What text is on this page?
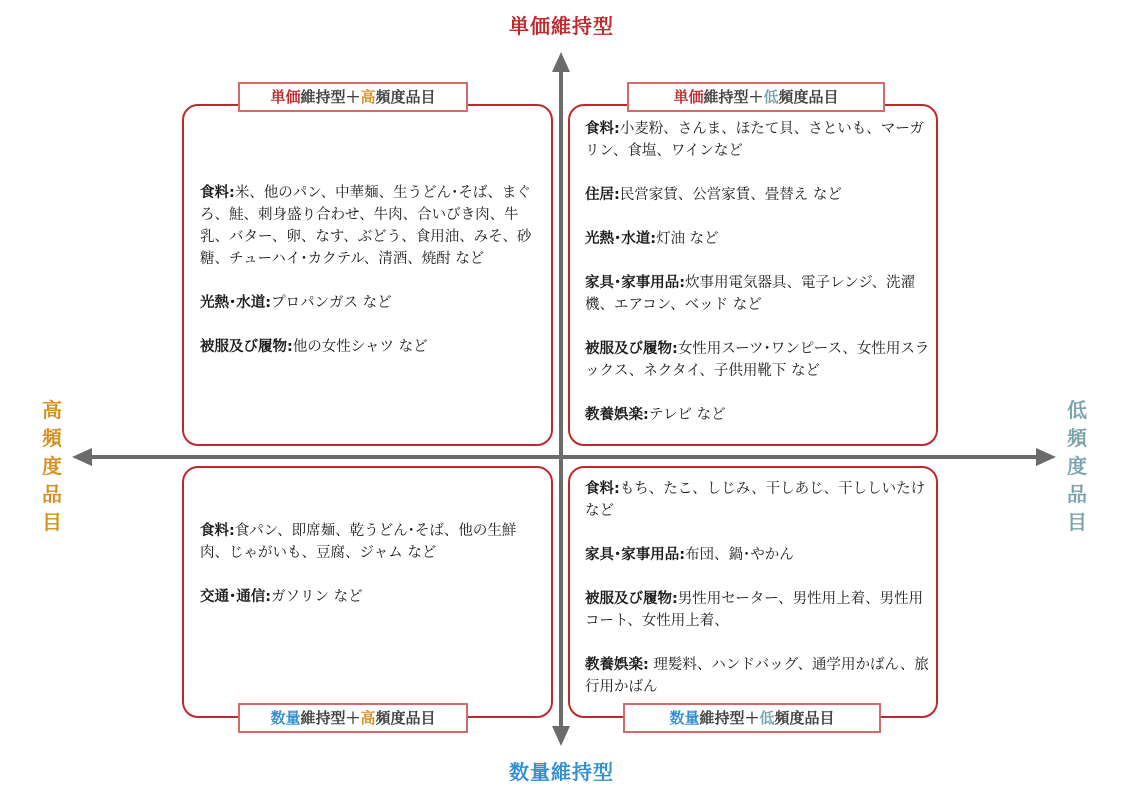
単価維持型
数量維持型
高
頻
度
品
目
低
頻
度
品
目

食料:米、他のパン、中華麺、生うどん･そば、まぐろ、鮭、刺身盛り合わせ、牛肉、合いびき肉、牛乳、バター、卵、なす、ぶどう、食用油、みそ、砂糖、チューハイ･カクテル、清酒、焼酎 など

光熱･水道:プロパンガス など

被服及び履物:他の女性シャツ など

食料:小麦粉、さんま、ほたて貝、さといも、マーガリン、食塩、ワインなど

住居:民営家賃、公営家賃、畳替え など

光熱･水道:灯油 など

家具･家事用品:炊事用電気器具、電子レンジ、洗濯機、エアコン、ベッド など

被服及び履物:女性用スーツ･ワンピース、女性用スラックス、ネクタイ、子供用靴下 など

教養娯楽:テレビ など

食料:食パン、即席麺、乾うどん･そば、他の生鮮肉、じゃがいも、豆腐、ジャム など

交通･通信:ガソリン など

食料:もち、たこ、しじみ、干しあじ、干ししいたけ など

家具･家事用品:布団、鍋･やかん

被服及び履物:男性用セーター、男性用上着、男性用コート、女性用上着、

教養娯楽: 理髪料、ハンドバッグ、通学用かばん、旅行用かばん

単価維持型＋高頻度品目	単価維持型＋低頻度品目
数量維持型＋高頻度品目	数量維持型＋低頻度品目
